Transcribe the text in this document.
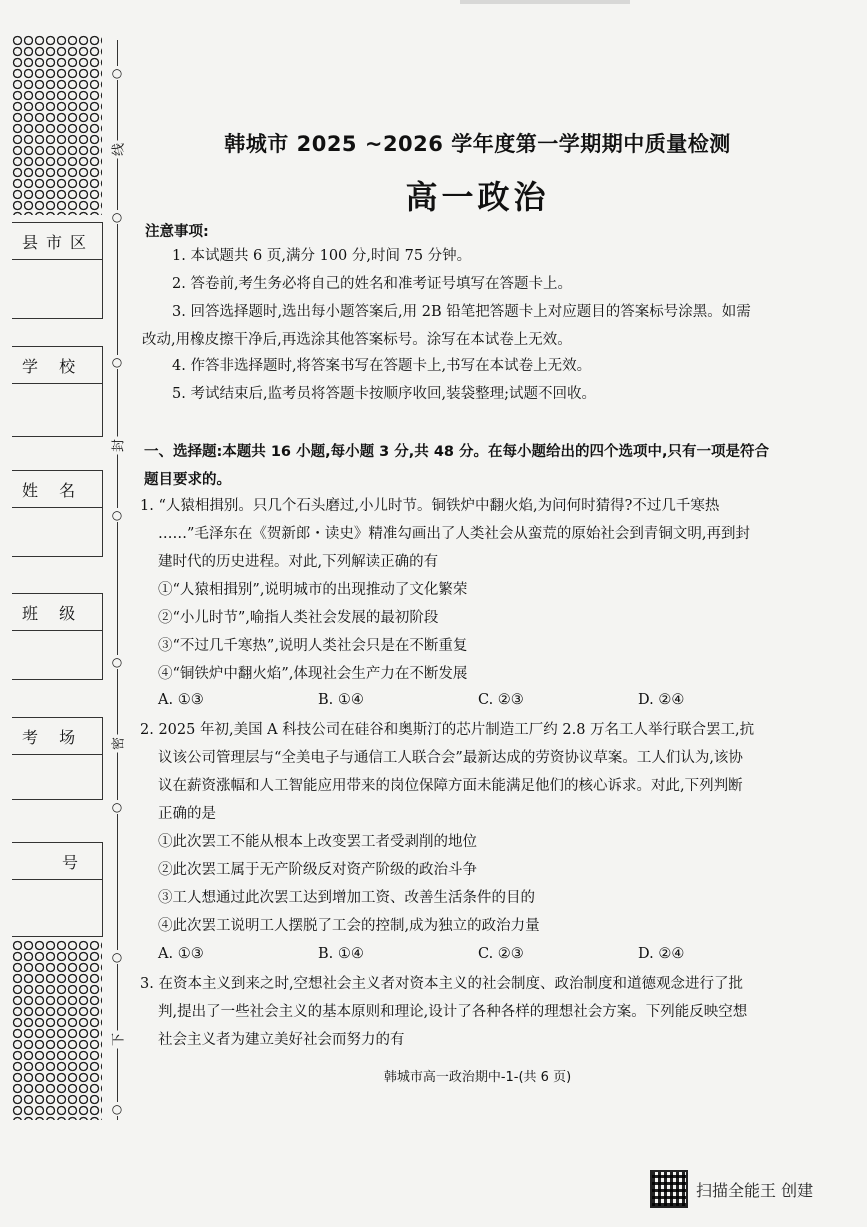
县市区
学 校
姓 名
班 级
考 场
号
○
线
○
○
封
○
○
密
○
○
下
○
韩城市 2025 ~2026 学年度第一学期期中质量检测
高一政治
注意事项:
1. 本试题共 6 页,满分 100 分,时间 75 分钟。
2. 答卷前,考生务必将自己的姓名和准考证号填写在答题卡上。
3. 回答选择题时,选出每小题答案后,用 2B 铅笔把答题卡上对应题目的答案标号涂黑。如需
改动,用橡皮擦干净后,再选涂其他答案标号。涂写在本试卷上无效。
4. 作答非选择题时,将答案书写在答题卡上,书写在本试卷上无效。
5. 考试结束后,监考员将答题卡按顺序收回,装袋整理;试题不回收。
一、选择题:本题共 16 小题,每小题 3 分,共 48 分。在每小题给出的四个选项中,只有一项是符合
题目要求的。
1. “人猿相揖别。只几个石头磨过,小儿时节。铜铁炉中翻火焰,为问何时猜得?不过几千寒热
……”毛泽东在《贺新郎・读史》精准勾画出了人类社会从蛮荒的原始社会到青铜文明,再到封
建时代的历史进程。对此,下列解读正确的有
①“人猿相揖别”,说明城市的出现推动了文化繁荣
②“小儿时节”,喻指人类社会发展的最初阶段
③“不过几千寒热”,说明人类社会只是在不断重复
④“铜铁炉中翻火焰”,体现社会生产力在不断发展
A. ①③	B. ①④	C. ②③	D. ②④
2. 2025 年初,美国 A 科技公司在硅谷和奥斯汀的芯片制造工厂约 2.8 万名工人举行联合罢工,抗
议该公司管理层与“全美电子与通信工人联合会”最新达成的劳资协议草案。工人们认为,该协
议在薪资涨幅和人工智能应用带来的岗位保障方面未能满足他们的核心诉求。对此,下列判断
正确的是
①此次罢工不能从根本上改变罢工者受剥削的地位
②此次罢工属于无产阶级反对资产阶级的政治斗争
③工人想通过此次罢工达到增加工资、改善生活条件的目的
④此次罢工说明工人摆脱了工会的控制,成为独立的政治力量
A. ①③	B. ①④	C. ②③	D. ②④
3. 在资本主义到来之时,空想社会主义者对资本主义的社会制度、政治制度和道德观念进行了批
判,提出了一些社会主义的基本原则和理论,设计了各种各样的理想社会方案。下列能反映空想
社会主义者为建立美好社会而努力的有
韩城市高一政治期中-1-(共 6 页)
扫描全能王 创建
